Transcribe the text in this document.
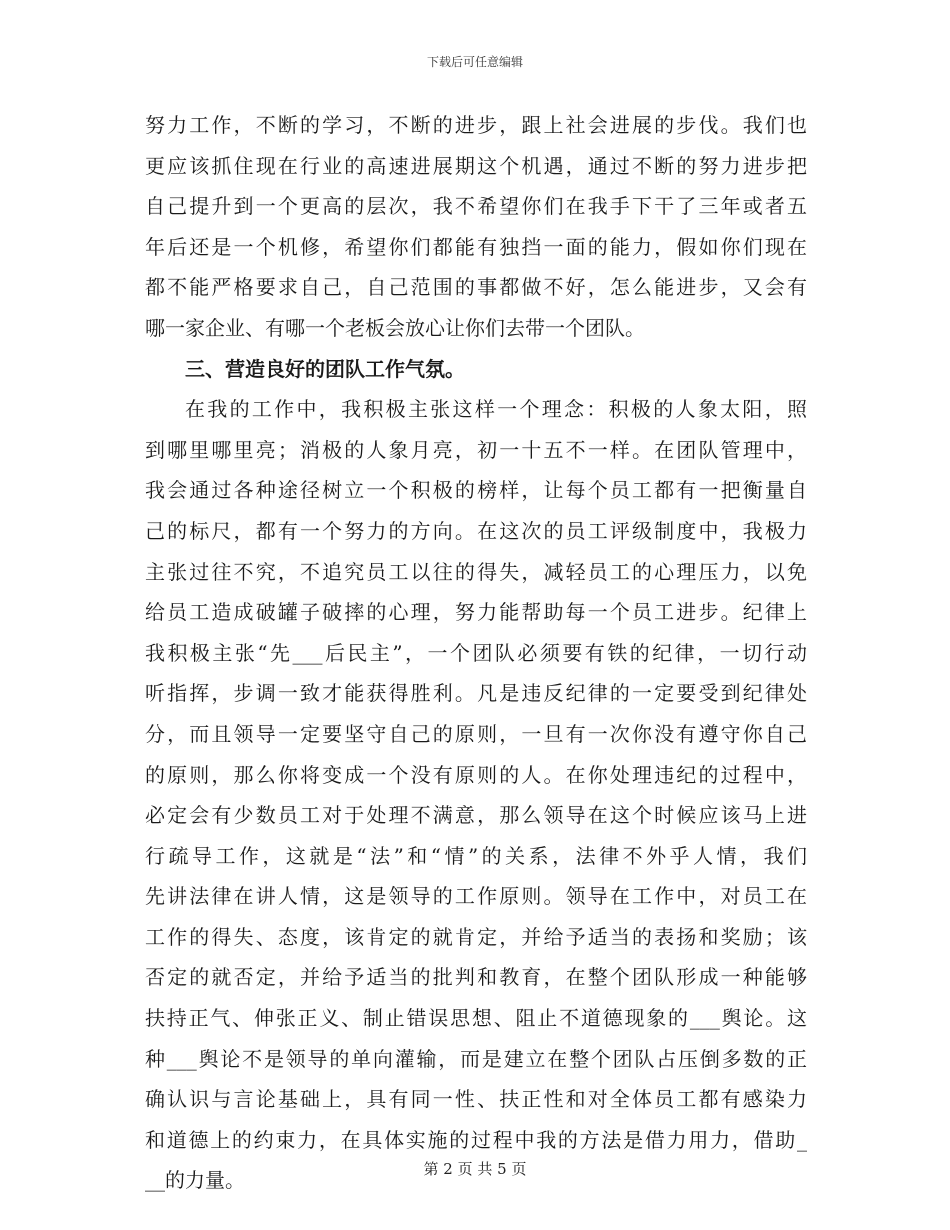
下载后可任意编辑
努力工作，不断的学习，不断的进步，跟上社会进展的步伐。我们也
更应该抓住现在行业的高速进展期这个机遇，通过不断的努力进步把
自己提升到一个更高的层次，我不希望你们在我手下干了三年或者五
年后还是一个机修，希望你们都能有独挡一面的能力，假如你们现在
都不能严格要求自己，自己范围的事都做不好，怎么能进步，又会有
哪一家企业、有哪一个老板会放心让你们去带一个团队。
三、营造良好的团队工作气氛。
在我的工作中，我积极主张这样一个理念：积极的人象太阳，照
到哪里哪里亮；消极的人象月亮，初一十五不一样。在团队管理中，
我会通过各种途径树立一个积极的榜样，让每个员工都有一把衡量自
己的标尺，都有一个努力的方向。在这次的员工评级制度中，我极力
主张过往不究，不追究员工以往的得失，减轻员工的心理压力，以免
给员工造成破罐子破摔的心理，努力能帮助每一个员工进步。纪律上
我积极主张“先___后民主”，一个团队必须要有铁的纪律，一切行动
听指挥，步调一致才能获得胜利。凡是违反纪律的一定要受到纪律处
分，而且领导一定要坚守自己的原则，一旦有一次你没有遵守你自己
的原则，那么你将变成一个没有原则的人。在你处理违纪的过程中，
必定会有少数员工对于处理不满意，那么领导在这个时候应该马上进
行疏导工作，这就是“法”和“情”的关系，法律不外乎人情，我们
先讲法律在讲人情，这是领导的工作原则。领导在工作中，对员工在
工作的得失、态度，该肯定的就肯定，并给予适当的表扬和奖励；该
否定的就否定，并给予适当的批判和教育，在整个团队形成一种能够
扶持正气、伸张正义、制止错误思想、阻止不道德现象的___舆论。这
种___舆论不是领导的单向灌输，而是建立在整个团队占压倒多数的正
确认识与言论基础上，具有同一性、扶正性和对全体员工都有感染力
和道德上的约束力，在具体实施的过程中我的方法是借力用力，借助_
__的力量。	第 2 页 共 5 页
